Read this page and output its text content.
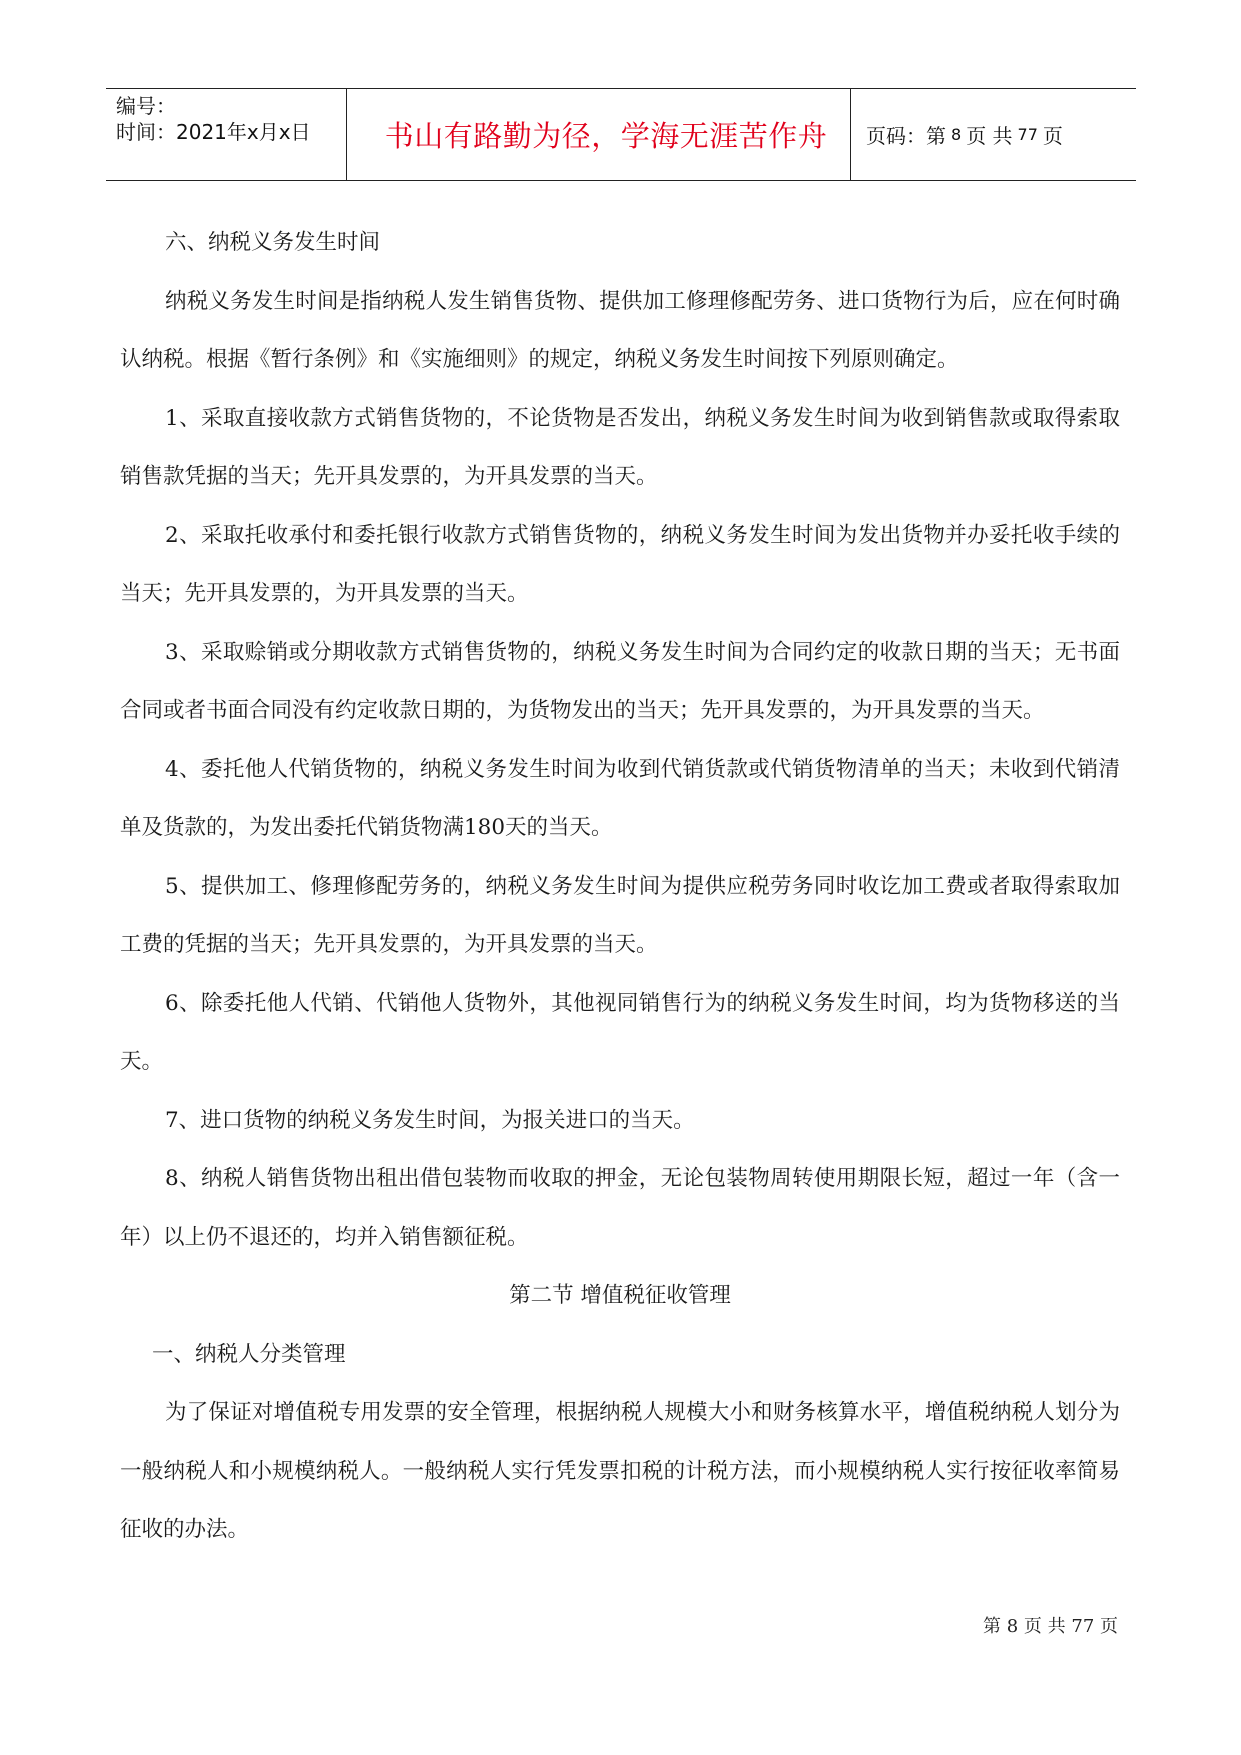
编号：
时间：2021年x月x日	书山有路勤为径，学海无涯苦作舟	页码：第 8 页 共 77 页

六、纳税义务发生时间

纳税义务发生时间是指纳税人发生销售货物、提供加工修理修配劳务、进口货物行为后，应在何时确认纳税。根据《暂行条例》和《实施细则》的规定，纳税义务发生时间按下列原则确定。

1、采取直接收款方式销售货物的，不论货物是否发出，纳税义务发生时间为收到销售款或取得索取销售款凭据的当天；先开具发票的，为开具发票的当天。

2、采取托收承付和委托银行收款方式销售货物的，纳税义务发生时间为发出货物并办妥托收手续的当天；先开具发票的，为开具发票的当天。

3、采取赊销或分期收款方式销售货物的，纳税义务发生时间为合同约定的收款日期的当天；无书面合同或者书面合同没有约定收款日期的，为货物发出的当天；先开具发票的，为开具发票的当天。

4、委托他人代销货物的，纳税义务发生时间为收到代销货款或代销货物清单的当天；未收到代销清单及货款的，为发出委托代销货物满180天的当天。

5、提供加工、修理修配劳务的，纳税义务发生时间为提供应税劳务同时收讫加工费或者取得索取加工费的凭据的当天；先开具发票的，为开具发票的当天。

6、除委托他人代销、代销他人货物外，其他视同销售行为的纳税义务发生时间，均为货物移送的当天。

7、进口货物的纳税义务发生时间，为报关进口的当天。

8、纳税人销售货物出租出借包装物而收取的押金，无论包装物周转使用期限长短，超过一年（含一年）以上仍不退还的，均并入销售额征税。

第二节 增值税征收管理

一、纳税人分类管理

为了保证对增值税专用发票的安全管理，根据纳税人规模大小和财务核算水平，增值税纳税人划分为一般纳税人和小规模纳税人。一般纳税人实行凭发票扣税的计税方法，而小规模纳税人实行按征收率简易征收的办法。

第 8 页 共 77 页
